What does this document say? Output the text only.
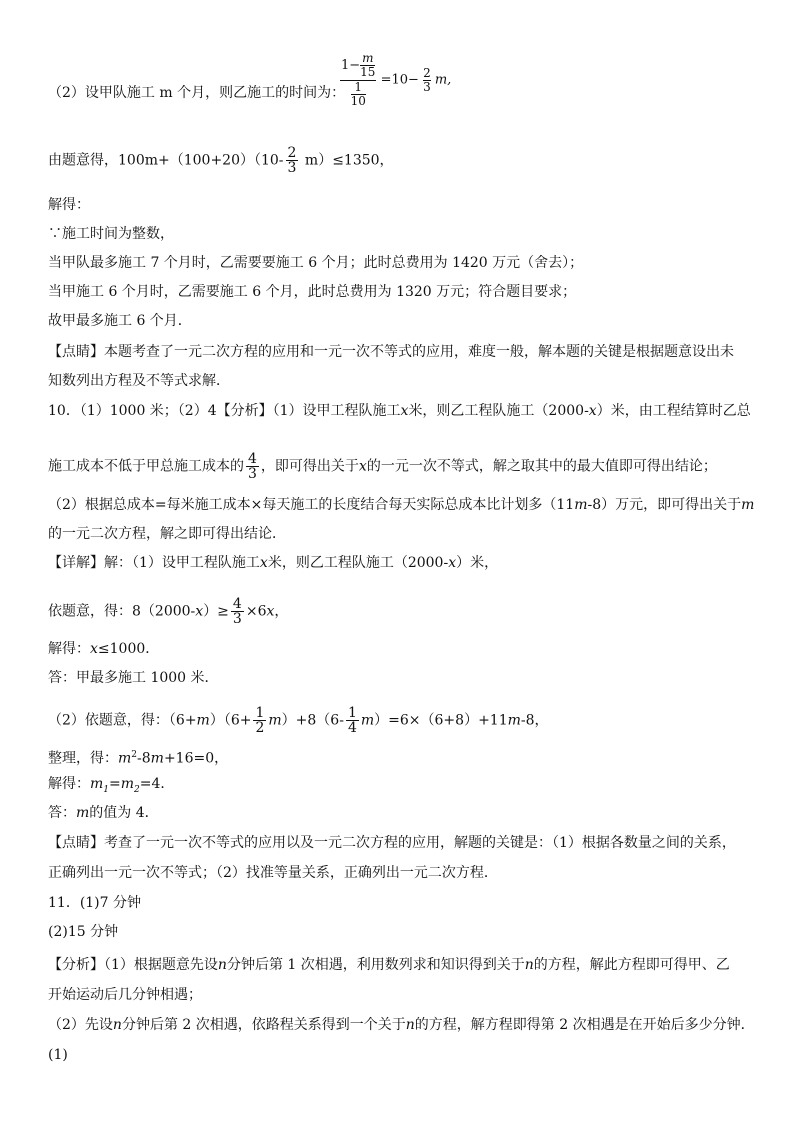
（2）设甲队施工 m 个月，则乙施工的时间为：
$\frac{1- \frac{m}{15}}{\frac{1}{10}} =10- \frac{2}{3} m$,
由题意得，$100m+(100+20)(10- \frac{2}{3} m)\le 1350$，
解得：
∵施工时间为整数，
当甲队最多施工 7 个月时，乙需要要施工 6 个月；此时总费用为 1420 万元（舍去）；
当甲施工 6 个月时，乙需要施工 6 个月，此时总费用为 1320 万元；符合题目要求；
故甲最多施工 6 个月．
【点睛】本题考查了一元二次方程的应用和一元一次不等式的应用，难度一般，解本题的关键是根据题意设出未
知数列出方程及不等式求解．
10．（1）1000 米；（2）4【分析】（1）设甲工程队施工x米，则乙工程队施工（2000-x）米，由工程结算时乙总
施工成本不低于甲总施工成本的 $\frac{4}{3}$ ，即可得出关于x的一元一次不等式，解之取其中的最大值即可得出结论；
（2）根据总成本=每米施工成本×每天施工的长度结合每天实际总成本比计划多（11m-8）万元，即可得出关于m
的一元二次方程，解之即可得出结论．
【详解】解：（1）设甲工程队施工x米，则乙工程队施工（2000-x）米，
依题意，得：$8(2000-x)\ge \frac{4}{3} \times 6x$，
解得：x≤1000．
答：甲最多施工 1000 米．
（2）依题意，得：$(6+m)(6+ \frac{1}{2} m)+8(6- \frac{1}{4} m)=6\times(6+8)+11m-8$，
整理，得：$m^2-8m+16=0$，
解得：$m_1=m_2=4$．
答：m的值为 4．
【点睛】考查了一元一次不等式的应用以及一元二次方程的应用，解题的关键是：（1）根据各数量之间的关系，
正确列出一元一次不等式；（2）找准等量关系，正确列出一元二次方程．
11．(1)7 分钟
(2)15 分钟
【分析】（1）根据题意先设n分钟后第 1 次相遇，利用数列求和知识得到关于n的方程，解此方程即可得甲、乙
开始运动后几分钟相遇；
（2）先设n分钟后第 2 次相遇，依路程关系得到一个关于n的方程，解方程即得第 2 次相遇是在开始后多少分钟．
(1)
